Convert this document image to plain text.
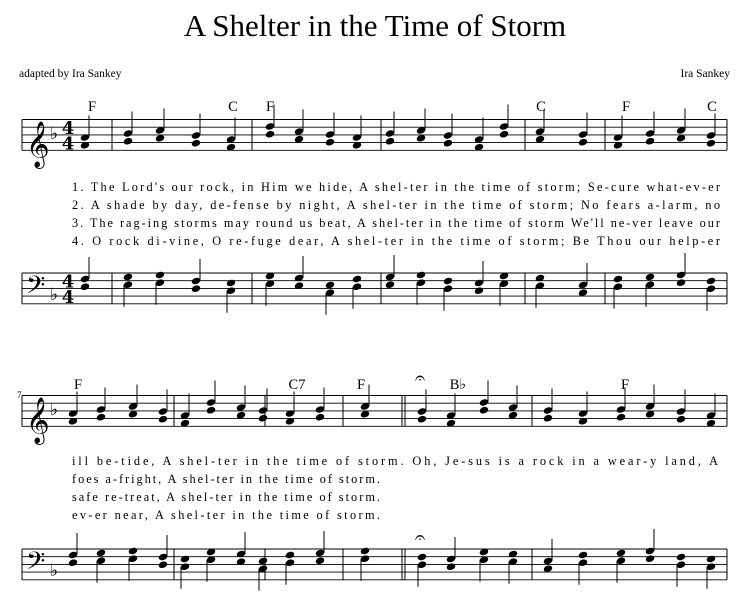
A Shelter in the Time of Storm
adapted by Ira Sankey	Ira Sankey
𝄞
𝄢
♭
♭
4
4
4
4
𝄞
𝄢
♭
♭
𝄐
𝄐
F	C F	C	F	C
1. The Lord's our rock, in Him we hide, A shel-ter in the time of storm; Se-cure what-ev-er
2. A shade by day, de-fense by night, A shel-ter in the time of storm; No fears a-larm, no
3. The rag-ing storms may round us beat, A shel-ter in the time of storm We'll ne-ver leave our
4. O rock di-vine, O re-fuge dear, A shel-ter in the time of storm; Be Thou our help-er
7
F	C7	F	B♭	F
ill be-tide, A shel-ter in the time of storm. Oh, Je-sus is a rock in a wear-y land, A
foes a-fright, A shel-ter in the time of storm.
safe re-treat, A shel-ter in the time of storm.
ev-er near, A shel-ter in the time of storm.
